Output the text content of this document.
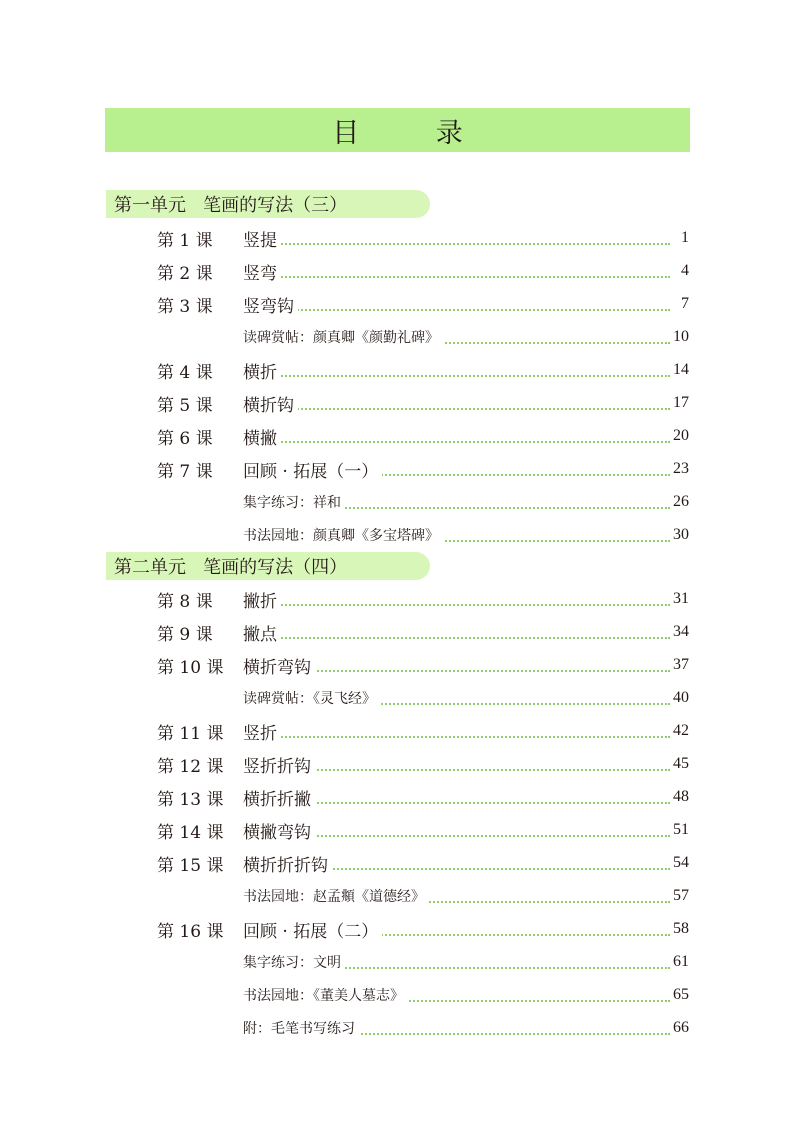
目 录
第一单元   笔画的写法（三）
第 1 课 竖提	1
第 2 课 竖弯	4
第 3 课 竖弯钩	7
读碑赏帖：颜真卿《颜勤礼碑》	10
第 4 课 横折	14
第 5 课 横折钩	17
第 6 课 横撇	20
第 7 课 回顾 · 拓展（一）	23
集字练习：祥和	26
书法园地：颜真卿《多宝塔碑》	30
第二单元   笔画的写法（四）
第 8 课 撇折	31
第 9 课 撇点	34
第 10 课 横折弯钩	37
读碑赏帖：《灵飞经》	40
第 11 课 竖折	42
第 12 课 竖折折钩	45
第 13 课 横折折撇	48
第 14 课 横撇弯钩	51
第 15 课 横折折折钩	54
书法园地：赵孟頫《道德经》	57
第 16 课 回顾 · 拓展（二）	58
集字练习：文明	61
书法园地：《董美人墓志》	65
附：毛笔书写练习	66
